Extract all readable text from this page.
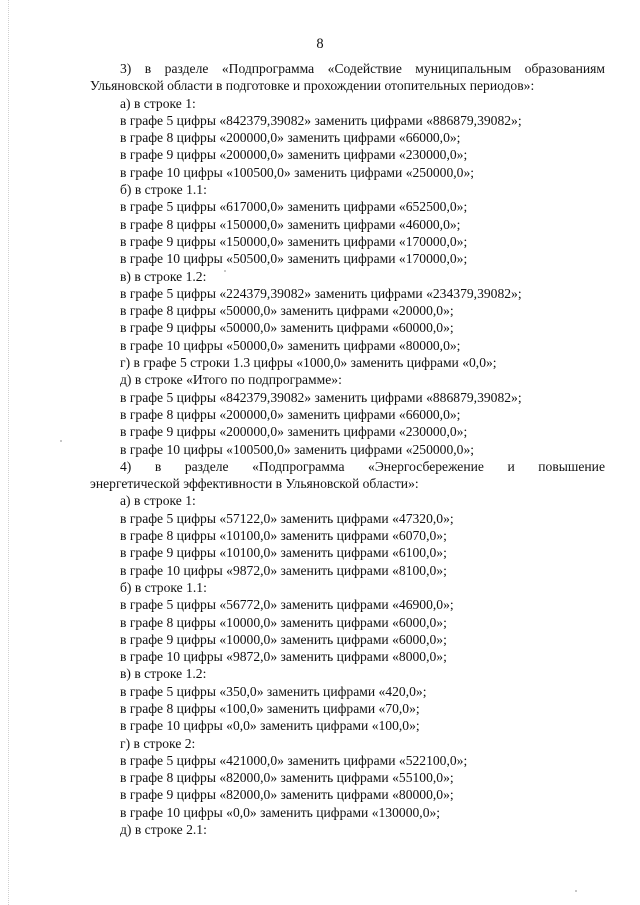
8

3) в разделе «Подпрограмма «Содействие муниципальным образованиям

Ульяновской области в подготовке и прохождении отопительных периодов»:

а) в строке 1:

в графе 5 цифры «842379,39082» заменить цифрами «886879,39082»;

в графе 8 цифры «200000,0» заменить цифрами «66000,0»;

в графе 9 цифры «200000,0» заменить цифрами «230000,0»;

в графе 10 цифры «100500,0» заменить цифрами «250000,0»;

б) в строке 1.1:

в графе 5 цифры «617000,0» заменить цифрами «652500,0»;

в графе 8 цифры «150000,0» заменить цифрами «46000,0»;

в графе 9 цифры «150000,0» заменить цифрами «170000,0»;

в графе 10 цифры «50500,0» заменить цифрами «170000,0»;

в) в строке 1.2:

в графе 5 цифры «224379,39082» заменить цифрами «234379,39082»;

в графе 8 цифры «50000,0» заменить цифрами «20000,0»;

в графе 9 цифры «50000,0» заменить цифрами «60000,0»;

в графе 10 цифры «50000,0» заменить цифрами «80000,0»;

г) в графе 5 строки 1.3 цифры «1000,0» заменить цифрами «0,0»;

д) в строке «Итого по подпрограмме»:

в графе 5 цифры «842379,39082» заменить цифрами «886879,39082»;

в графе 8 цифры «200000,0» заменить цифрами «66000,0»;

в графе 9 цифры «200000,0» заменить цифрами «230000,0»;

в графе 10 цифры «100500,0» заменить цифрами «250000,0»;

4) в разделе «Подпрограмма «Энергосбережение и повышение

энергетической эффективности в Ульяновской области»:

а) в строке 1:

в графе 5 цифры «57122,0» заменить цифрами «47320,0»;

в графе 8 цифры «10100,0» заменить цифрами «6070,0»;

в графе 9 цифры «10100,0» заменить цифрами «6100,0»;

в графе 10 цифры «9872,0» заменить цифрами «8100,0»;

б) в строке 1.1:

в графе 5 цифры «56772,0» заменить цифрами «46900,0»;

в графе 8 цифры «10000,0» заменить цифрами «6000,0»;

в графе 9 цифры «10000,0» заменить цифрами «6000,0»;

в графе 10 цифры «9872,0» заменить цифрами «8000,0»;

в) в строке 1.2:

в графе 5 цифры «350,0» заменить цифрами «420,0»;

в графе 8 цифры «100,0» заменить цифрами «70,0»;

в графе 10 цифры «0,0» заменить цифрами «100,0»;

г) в строке 2:

в графе 5 цифры «421000,0» заменить цифрами «522100,0»;

в графе 8 цифры «82000,0» заменить цифрами «55100,0»;

в графе 9 цифры «82000,0» заменить цифрами «80000,0»;

в графе 10 цифры «0,0» заменить цифрами «130000,0»;

д) в строке 2.1:
